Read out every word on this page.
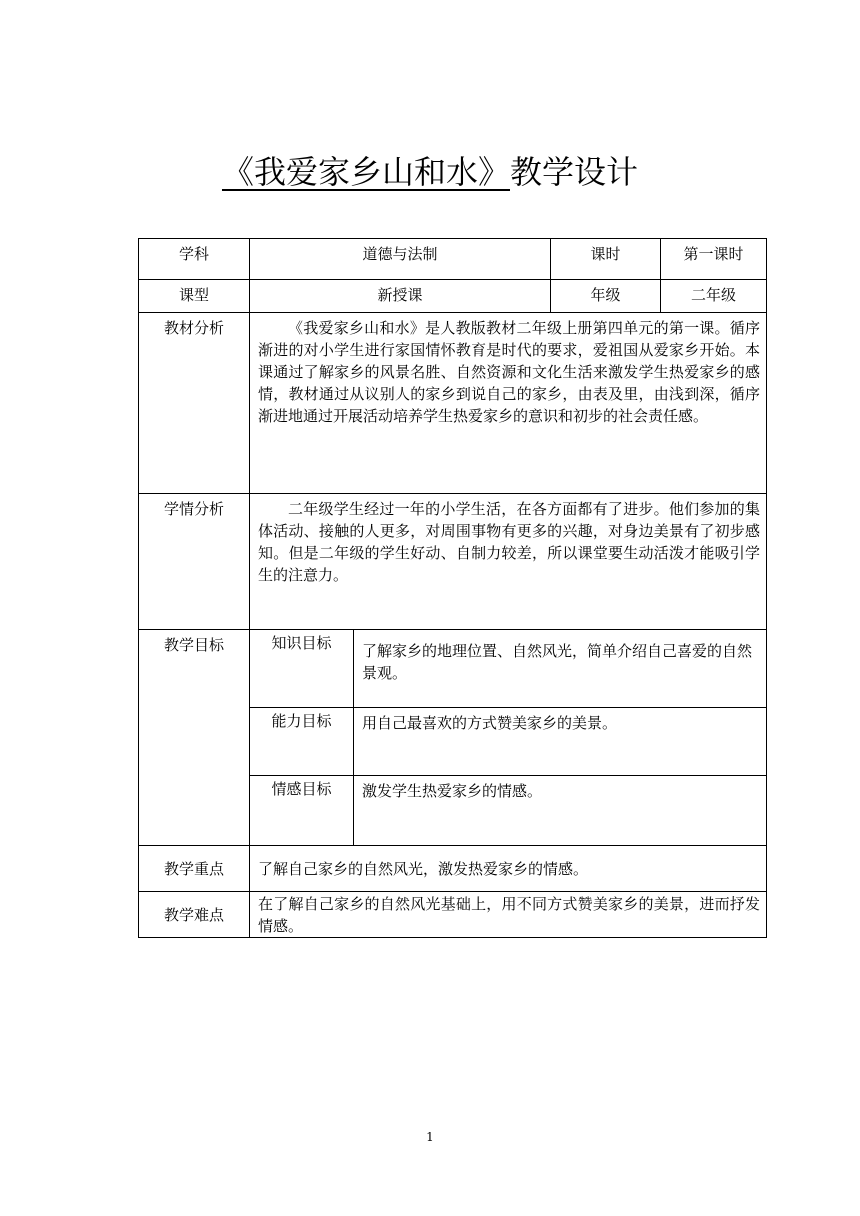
《我爱家乡山和水》教学设计
学科	道德与法制		课时	第一课时
课型	新授课		年级	二年级
教材分析	《我爱家乡山和水》是人教版教材二年级上册第四单元的第一课。循序渐进的对小学生进行家国情怀教育是时代的要求，爱祖国从爱家乡开始。本课通过了解家乡的风景名胜、自然资源和文化生活来激发学生热爱家乡的感情，教材通过从议别人的家乡到说自己的家乡，由表及里，由浅到深，循序渐进地通过开展活动培养学生热爱家乡的意识和初步的社会责任感。			
学情分析	二年级学生经过一年的小学生活，在各方面都有了进步。他们参加的集体活动、接触的人更多，对周围事物有更多的兴趣，对身边美景有了初步感知。但是二年级的学生好动、自制力较差，所以课堂要生动活泼才能吸引学生的注意力。			
教学目标	知识目标	了解家乡的地理位置、自然风光，简单介绍自己喜爱的自然景观。		
	能力目标	用自己最喜欢的方式赞美家乡的美景。		
	情感目标	激发学生热爱家乡的情感。		
教学重点	了解自己家乡的自然风光，激发热爱家乡的情感。			
教学难点	在了解自己家乡的自然风光基础上，用不同方式赞美家乡的美景，进而抒发情感。			
1
